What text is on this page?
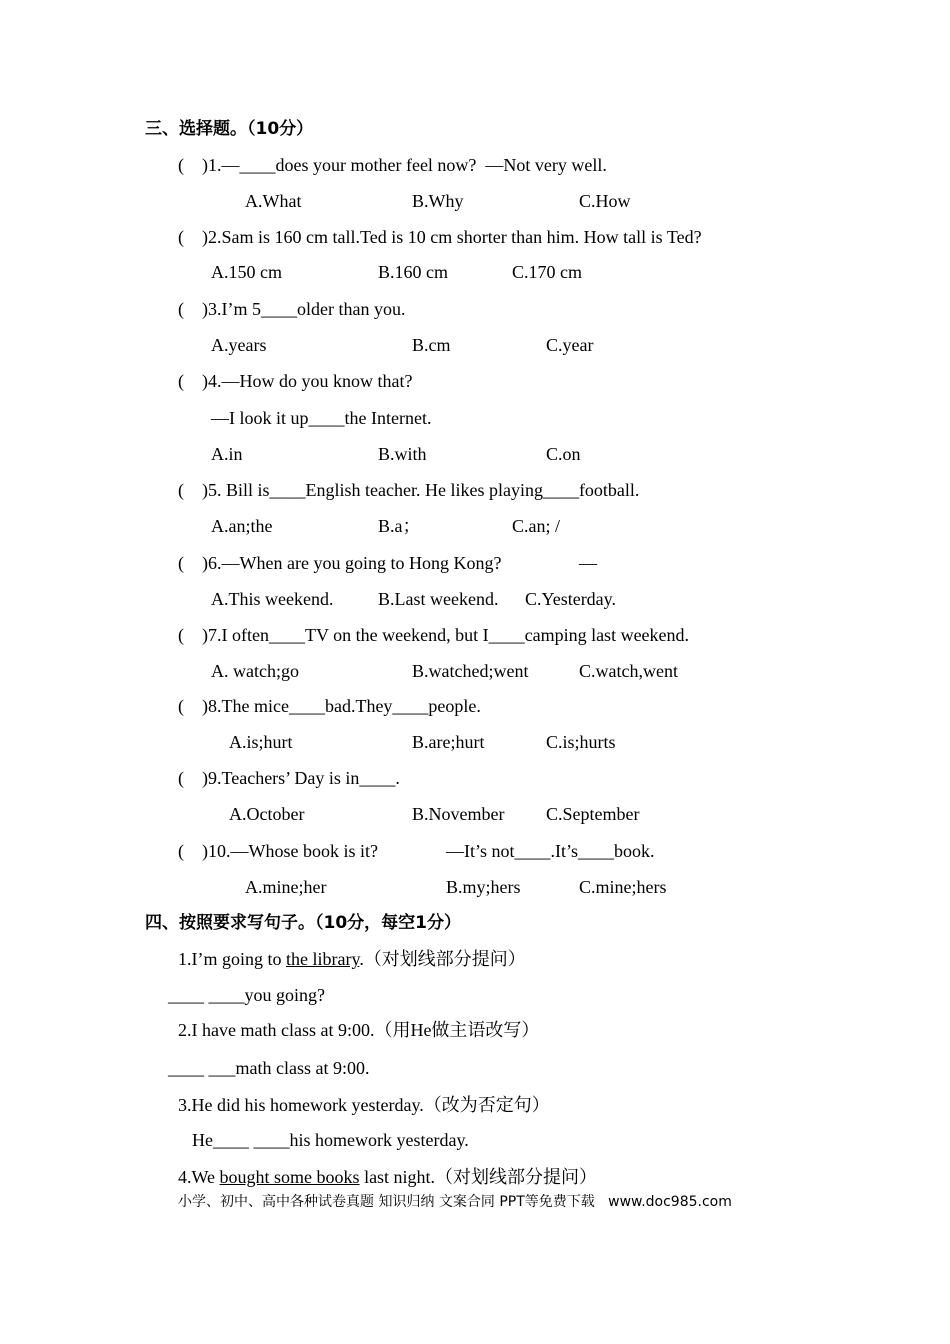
三、选择题。（10分）
(    )1.—____does your mother feel now?  —Not very well.
A.What	B.Why	C.How
(    )2.Sam is 160 cm tall.Ted is 10 cm shorter than him. How tall is Ted?
A.150 cm	B.160 cm	C.170 cm
(    )3.I’m 5____older than you.
A.years	B.cm	C.year
(    )4.—How do you know that?
—I look it up____the Internet.
A.in	B.with	C.on
(    )5. Bill is____English teacher. He likes playing____football.
A.an;the	B.a；	C.an; /
(    )6.—When are you going to Hong Kong?	—
A.This weekend. B.Last weekend. C.Yesterday.
(    )7.I often____TV on the weekend, but I____camping last weekend.
A. watch;go	B.watched;went	C.watch,went
(    )8.The mice____bad.They____people.
A.is;hurt	B.are;hurt	C.is;hurts
(    )9.Teachers’ Day is in____.
A.October	B.November C.September
(    )10.—Whose book is it?	—It’s not____.It’s____book.
A.mine;her	B.my;hers	C.mine;hers
四、按照要求写句子。（10分，每空1分）
1.I’m going to the library.（对划线部分提问）
____ ____you going?
2.I have math class at 9:00.（用He做主语改写）
____ ___math class at 9:00.
3.He did his homework yesterday.（改为否定句）
He____ ____his homework yesterday.
4.We bought some books last night.（对划线部分提问）
小学、初中、高中各种试卷真题 知识归纳 文案合同 PPT等免费下载   www.doc985.com
